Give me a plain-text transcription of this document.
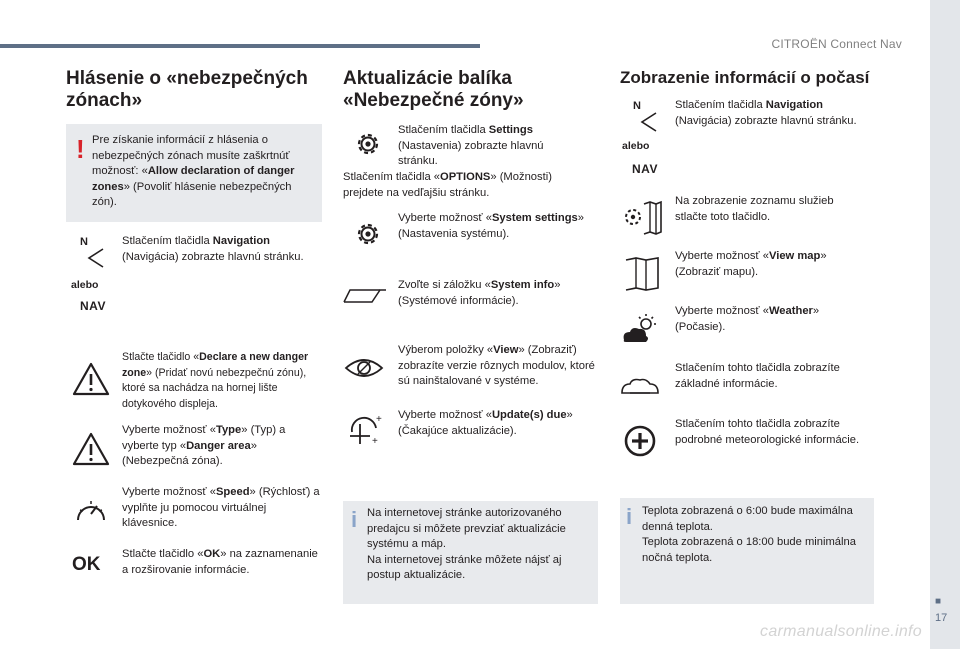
CITROËN Connect Nav
■
17
carmanualsonline.info
Hlásenie o «nebezpečných zónach»
! Pre získanie informácií z hlásenia o nebezpečných zónach musíte zaškrtnúť možnosť: «Allow declaration of danger zones» (Povoliť hlásenie nebezpečných zón).
N
alebo
NAV
Stlačením tlačidla Navigation (Navigácia) zobrazte hlavnú stránku.
Stlačte tlačidlo «Declare a new danger zone» (Pridať novú nebezpečnú zónu), ktoré sa nachádza na hornej lište dotykového displeja.
Vyberte možnosť «Type» (Typ) a vyberte typ «Danger area» (Nebezpečná zóna).
Vyberte možnosť «Speed» (Rýchlosť) a vyplňte ju pomocou virtuálnej klávesnice.
OK Stlačte tlačidlo «OK» na zaznamenanie a rozširovanie informácie.
Aktualizácie balíka «Nebezpečné zóny»
Stlačením tlačidla Settings (Nastavenia) zobrazte hlavnú stránku.
Stlačením tlačidla «OPTIONS» (Možnosti) prejdete na vedľajšiu stránku.
Vyberte možnosť «System settings» (Nastavenia systému).
Zvoľte si záložku «System info» (Systémové informácie).
Výberom položky «View» (Zobraziť) zobrazíte verzie rôznych modulov, ktoré sú nainštalované v systéme.
+
+
Vyberte možnosť «Update(s) due» (Čakajúce aktualizácie).
i Na internetovej stránke autorizovaného predajcu si môžete prevziať aktualizácie systému a máp.
Na internetovej stránke môžete nájsť aj postup aktualizácie.
Zobrazenie informácií o počasí
N
alebo
NAV
Stlačením tlačidla Navigation (Navigácia) zobrazte hlavnú stránku.
Na zobrazenie zoznamu služieb stlačte toto tlačidlo.
Vyberte možnosť «View map» (Zobraziť mapu).
Vyberte možnosť «Weather» (Počasie).
Stlačením tohto tlačidla zobrazíte základné informácie.
Stlačením tohto tlačidla zobrazíte podrobné meteorologické informácie.
i Teplota zobrazená o 6:00 bude maximálna denná teplota.
Teplota zobrazená o 18:00 bude minimálna nočná teplota.
